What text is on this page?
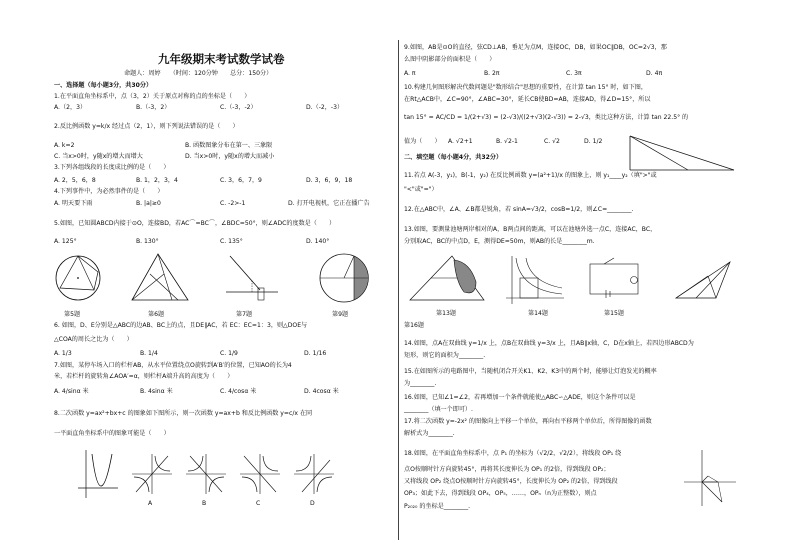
九年级期末考试数学试卷
命题人：周婷　　（时间：120分钟　　总分：150分）
一、选择题（每小题3分，共30分）
1.在平面直角坐标系中，点（3，2）关于原点对称的点的坐标是（　　）
A.（2，3）	B.（-3，2）	C.（-3，-2）	D.（-2，-3）
2.反比例函数 y=k/x 经过点（2，1），则下列说法错误的是（　　）
A. k=2	B. 函数图象分布在第一、三象限
C. 当x>0时，y随x的增大而增大	D. 当x>0时，y随x的增大而减小
3.下列各组线段的长度成比例的是（　　）
A. 2，5，6，8	B. 1，2，3，4	C. 3，6，7，9	D. 3，6，9，18
4.下列事件中，为必然事件的是（　　）
A. 明天要下雨	B. |a|≥0	C. -2>-1	D. 打开电视机，它正在播广告
5.如图，已知圆ABCD内接于⊙O，连接BD，若AC⌒=BC⌒，∠BDC=50°，则∠ADC的度数是（　　）
A. 125°	B. 130°	C. 135°	D. 140°
第5题	第6题	第7题	第9题
6. 如图，D、E分别是△ABC的边AB、BC上的点，且DE∥AC，若 EC：EC=1：3，则△DOE与
△COA的周长之比为（　　）
A. 1/3	B. 1/4	C. 1/9	D. 1/16
7.如图，某停车场入口的栏杆AB，从水平位置绕点O旋转到A′B′的位置，已知AO的长为4
米，若栏杆的旋转角∠AOA′=α，则栏杆A端升高的高度为（　　）
A. 4/sinα 米	B. 4sinα 米	C. 4/cosα 米	D. 4cosα 米
8.二次函数 y=ax²+bx+c 的图象如下图所示，则一次函数 y=ax+b 和反比例函数 y=c/x 在同
一平面直角坐标系中的图象可能是（　　）
A	B	C	D
9.如图，AB是⊙O的直径，弦CD⊥AB，垂足为点M，连接OC，DB，如果OC∥DB，OC=2√3，那
么图中阴影部分的面积是（　　）
A. π	B. 2π	C. 3π	D. 4π
10.构建几何图形解决代数问题是"数形结合"思想的重要性，在计算 tan 15° 时，如下图，
在Rt△ACB中，∠C=90°，∠ABC=30°，延长CB使BD=AB，连接AD，得∠D=15°，所以
tan 15° = AC/CD = 1/(2+√3) = (2-√3)/((2+√3)(2-√3)) = 2-√3，类比这种方法，计算 tan 22.5° 的
值为（　　） A. √2+1	B. √2-1	C. √2	D. 1/2
二、填空题（每小题4分，共32分）
11.若点 A(-3，y₁)，B(-1，y₂) 在反比例函数 y=(a²+1)/x 的图象上，则 y₁____y₂（填">"或
"<"或"="）
12.在△ABC中，∠A、∠B都是锐角，若 sinA=√3/2，cosB=1/2，则∠C=________.
13.如图，要测量池塘两岸相对的A，B两点间的距离，可以在池塘外选一点C，连接AC，BC，
分别取AC，BC的中点D，E，测得DE=50m，则AB的长是________m.
第13题	第14题	第15题
第16题
14.如图，点A在双曲线 y=1/x 上，点B在双曲线 y=3/x 上，且AB∥x轴，C，D在x轴上，若四边形ABCD为
矩形，则它的面积为________.
15.在如图所示的电路图中，当随机闭合开关K1、K2、K3中的两个时，能够让灯泡发光的概率
为________.
16.如图，已知∠1=∠2，若再增加一个条件就能使△ABC∽△ADE，则这个条件可以是
________（填一个即可）.
17.将二次函数 y=-2x² 的图像向上平移一个单位，再向右平移两个单位后，所得图像的函数
解析式为________.
18.如图，在平面直角坐标系中，点 P₁ 的坐标为（√2/2，√2/2），将线段 OP₁ 绕
点O按顺时针方向旋转45°，再将其长度伸长为 OP₁ 的2倍，得到线段 OP₂；
又将线段 OP₂ 绕点O按顺时针方向旋转45°，长度伸长为 OP₂ 的2倍，得到线段
OP₃；如此下去，得到线段 OP₄，OP₅，……，OPₙ（n为正整数），则点
P₂₀₂₀ 的坐标是________.
